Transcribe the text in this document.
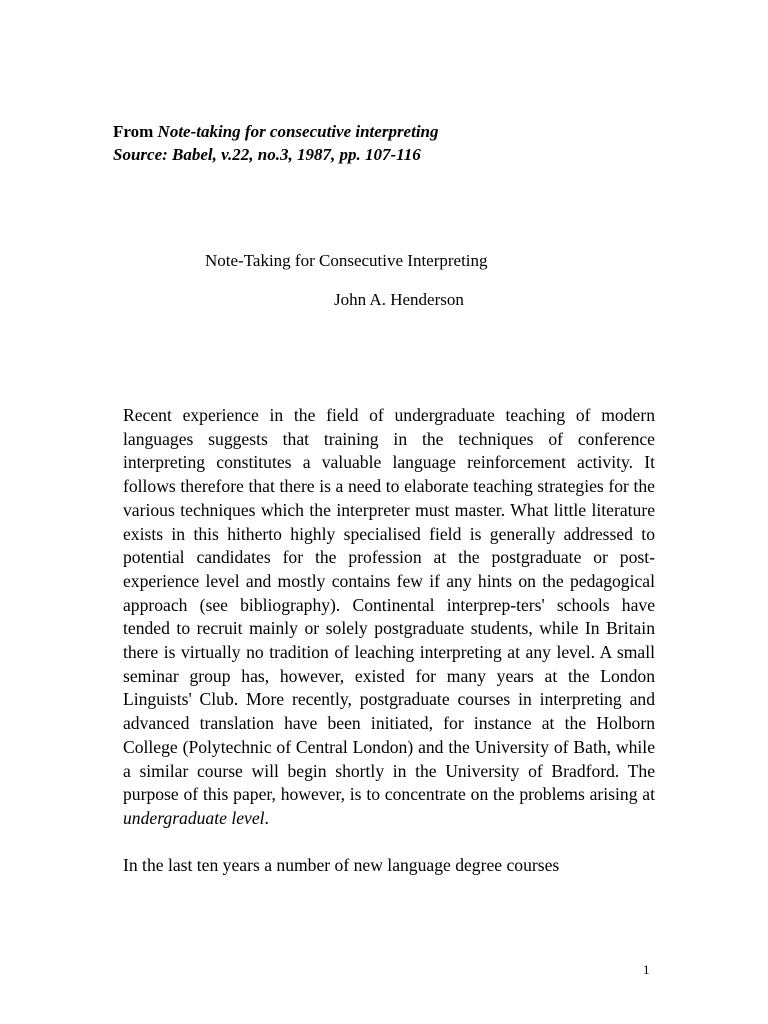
From Note-taking for consecutive interpreting
Source: Babel, v.22, no.3, 1987, pp. 107-116
Note-Taking for Consecutive Interpreting
John A. Henderson

Recent experience in the field of undergraduate teaching of modern languages suggests that training in the techniques of conference interpreting constitutes a valuable language reinforcement activity. It follows therefore that there is a need to elaborate teaching strategies for the various techniques which the interpreter must master. What little literature exists in this hitherto highly specialised field is generally addressed to potential candidates for the profession at the postgraduate or post-experience level and mostly contains few if any hints on the pedagogical approach (see bibliography). Continental interprep-ters' schools have tended to recruit mainly or solely postgraduate students, while In Britain there is virtually no tradition of leaching interpreting at any level. A small seminar group has, however, existed for many years at the London Linguists' Club. More recently, postgraduate courses in interpreting and advanced translation have been initiated, for instance at the Holborn College (Polytechnic of Central London) and the University of Bath, while a similar course will begin shortly in the University of Bradford. The purpose of this paper, however, is to concentrate on the problems arising at undergraduate level.

In the last ten years a number of new language degree courses

1
